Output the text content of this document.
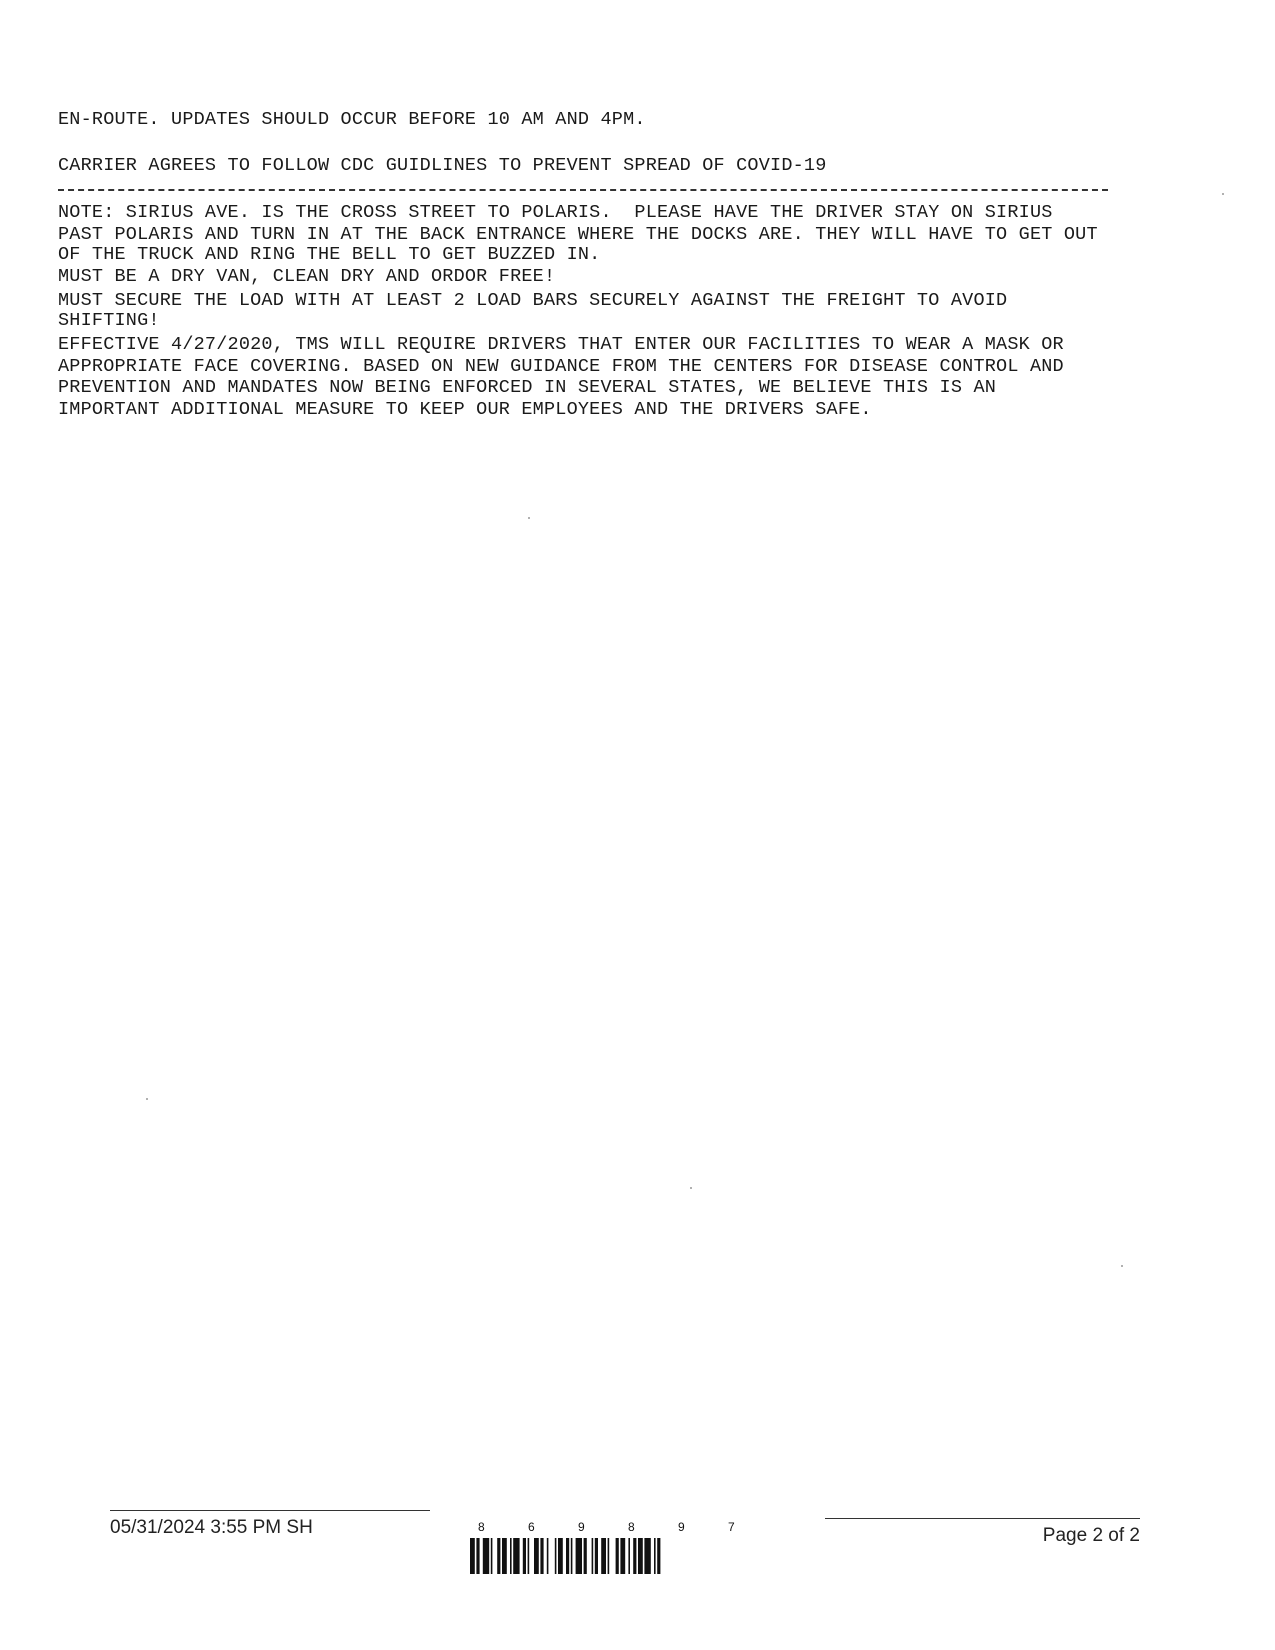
EN-ROUTE. UPDATES SHOULD OCCUR BEFORE 10 AM AND 4PM.
CARRIER AGREES TO FOLLOW CDC GUIDLINES TO PREVENT SPREAD OF COVID-19
NOTE: SIRIUS AVE. IS THE CROSS STREET TO POLARIS.  PLEASE HAVE THE DRIVER STAY ON SIRIUS
PAST POLARIS AND TURN IN AT THE BACK ENTRANCE WHERE THE DOCKS ARE. THEY WILL HAVE TO GET OUT
OF THE TRUCK AND RING THE BELL TO GET BUZZED IN.
MUST BE A DRY VAN, CLEAN DRY AND ORDOR FREE!
MUST SECURE THE LOAD WITH AT LEAST 2 LOAD BARS SECURELY AGAINST THE FREIGHT TO AVOID
SHIFTING!
EFFECTIVE 4/27/2020, TMS WILL REQUIRE DRIVERS THAT ENTER OUR FACILITIES TO WEAR A MASK OR
APPROPRIATE FACE COVERING. BASED ON NEW GUIDANCE FROM THE CENTERS FOR DISEASE CONTROL AND
PREVENTION AND MANDATES NOW BEING ENFORCED IN SEVERAL STATES, WE BELIEVE THIS IS AN
IMPORTANT ADDITIONAL MEASURE TO KEEP OUR EMPLOYEES AND THE DRIVERS SAFE.
05/31/2024 3:55 PM SH	8	6	9	8	9	7	Page 2 of 2
